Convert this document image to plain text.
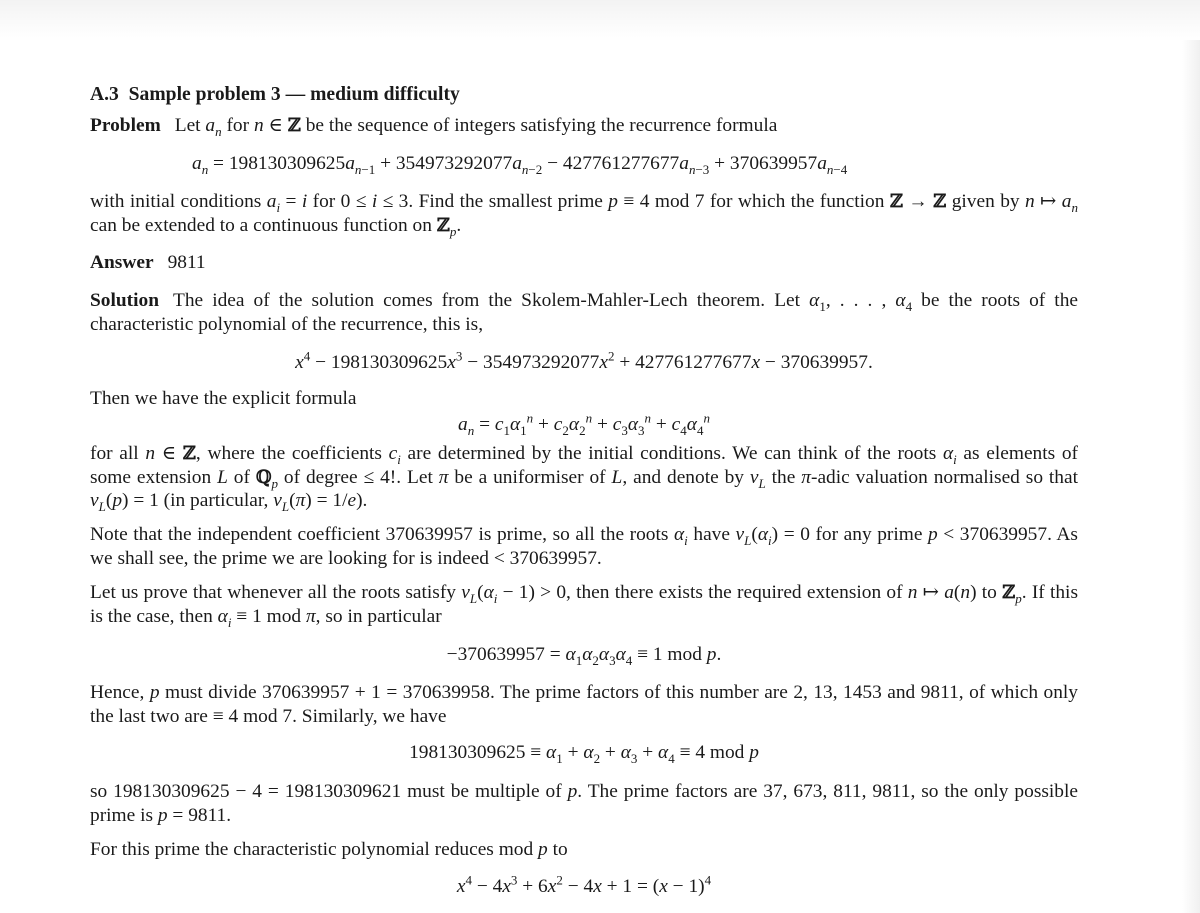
A.3 Sample problem 3 — medium difficulty
Problem Let $a_n$ for n ∈ ℤ be the sequence of integers satisfying the recurrence formula
$a_n = 198130309625a_{n-1} + 354973292077a_{n-2} - 427761277677a_{n-3} + 370639957a_{n-4}$
with initial conditions $a_i = i$ for 0 ≤ i ≤ 3. Find the smallest prime p ≡ 4 mod 7 for which the function ℤ → ℤ given by n ↦ $a_n$ can be extended to a continuous function on ℤ$_p$.
Answer 9811
Solution The idea of the solution comes from the Skolem-Mahler-Lech theorem. Let $\alpha_1$, . . . , $\alpha_4$ be the roots of the characteristic polynomial of the recurrence, this is,
$x^4 - 198130309625x^3 - 354973292077x^2 + 427761277677x - 370639957$.
Then we have the explicit formula
$a_n = c_1\alpha_1^n + c_2\alpha_2^n + c_3\alpha_3^n + c_4\alpha_4^n$
for all n ∈ ℤ, where the coefficients $c_i$ are determined by the initial conditions. We can think of the roots $\alpha_i$ as elements of some extension L of ℚ$_p$ of degree ≤ 4!. Let π be a uniformiser of L, and denote by $v_L$ the π-adic valuation normalised so that $v_L(p) = 1$ (in particular, $v_L(\pi) = 1/e$).
Note that the independent coefficient 370639957 is prime, so all the roots $\alpha_i$ have $v_L(\alpha_i) = 0$ for any prime p < 370639957. As we shall see, the prime we are looking for is indeed < 370639957.
Let us prove that whenever all the roots satisfy $v_L(\alpha_i - 1) > 0$, then there exists the required extension of n ↦ a(n) to ℤ$_p$. If this is the case, then $\alpha_i \equiv 1$ mod π, so in particular
$-370639957 = \alpha_1\alpha_2\alpha_3\alpha_4 \equiv 1$ mod p.
Hence, p must divide 370639957 + 1 = 370639958. The prime factors of this number are 2, 13, 1453 and 9811, of which only the last two are ≡ 4 mod 7. Similarly, we have
$198130309625 \equiv \alpha_1 + \alpha_2 + \alpha_3 + \alpha_4 \equiv 4$ mod p
so 198130309625 − 4 = 198130309621 must be multiple of p. The prime factors are 37, 673, 811, 9811, so the only possible prime is p = 9811.
For this prime the characteristic polynomial reduces mod p to
$x^4 - 4x^3 + 6x^2 - 4x + 1 = (x - 1)^4$
